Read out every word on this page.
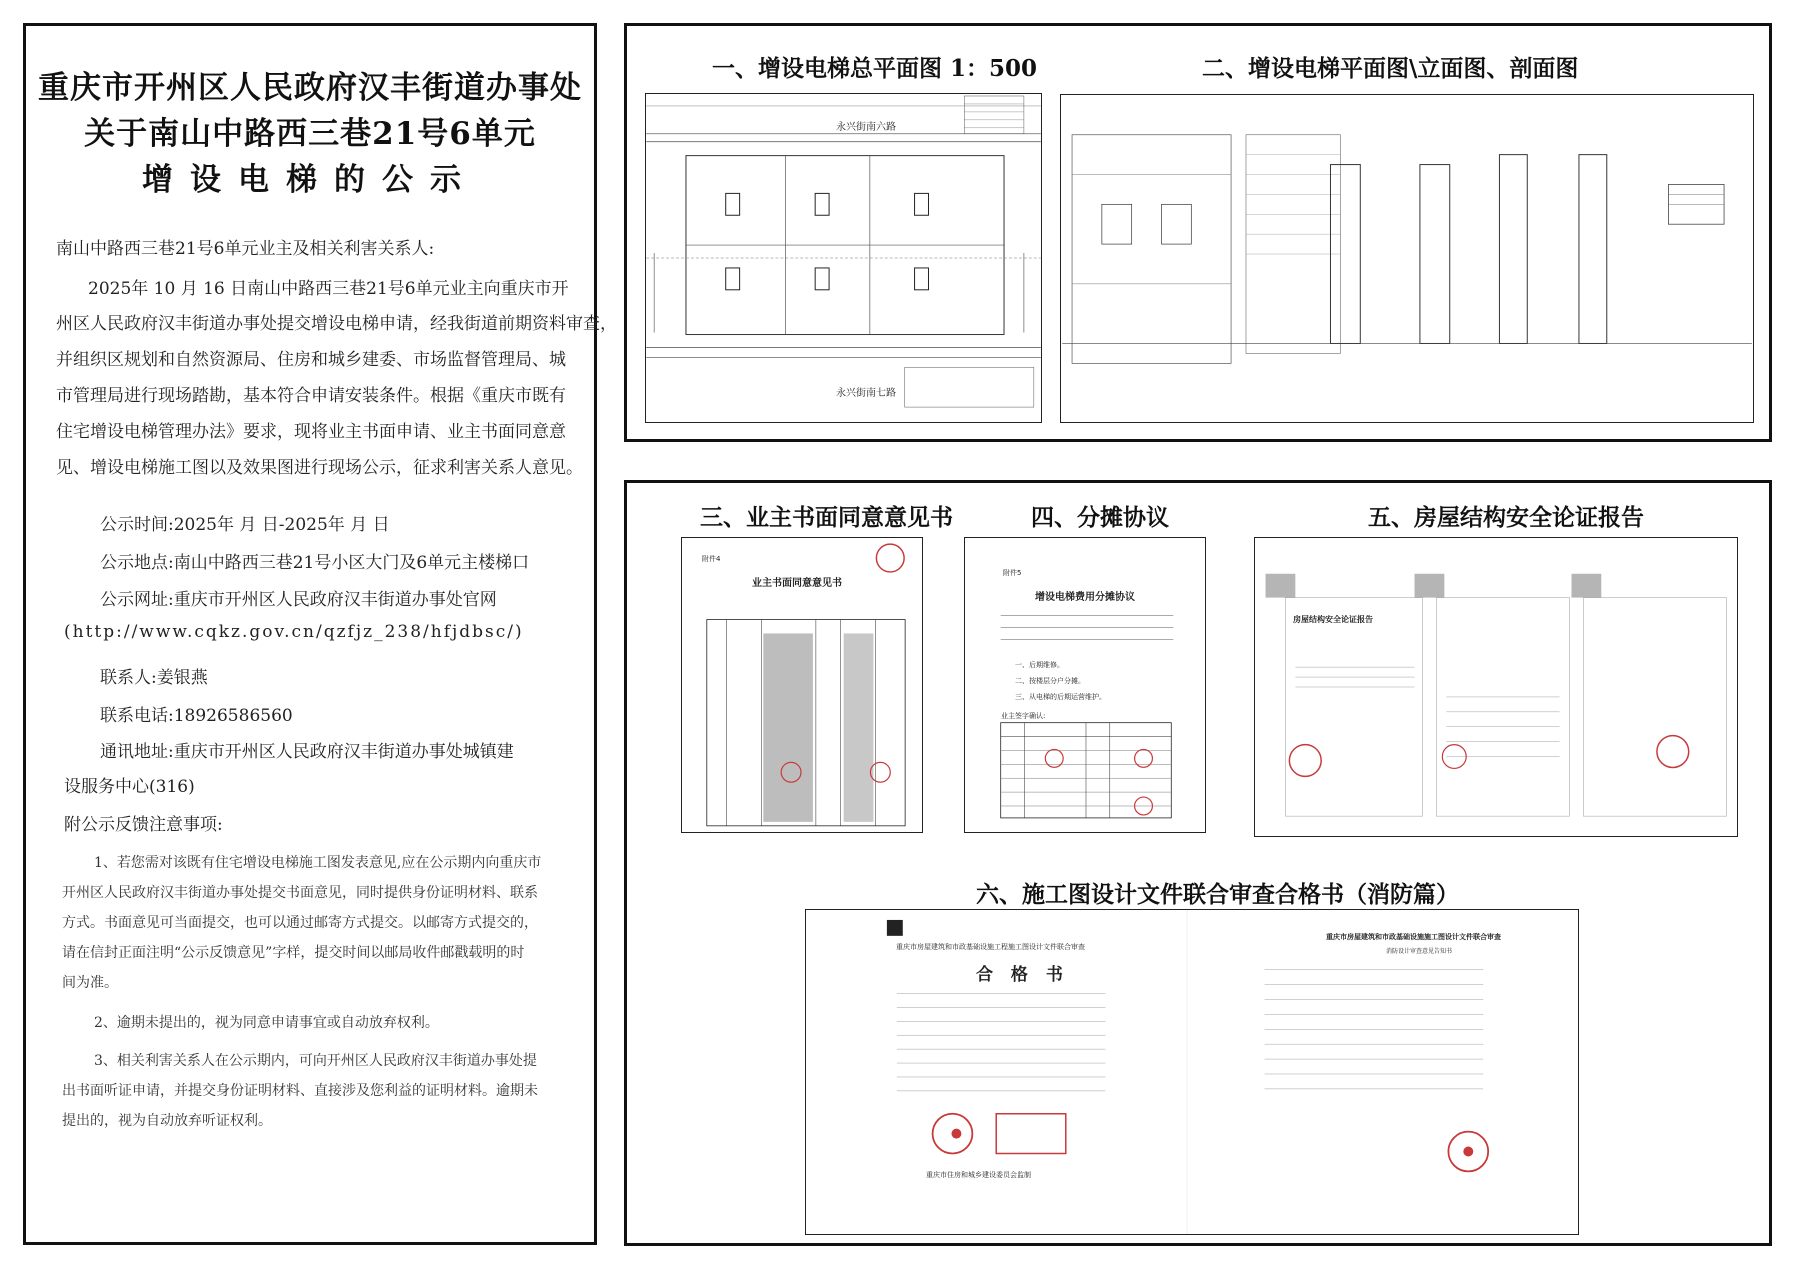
重庆市开州区人民政府汉丰街道办事处
关于南山中路西三巷21号6单元
增设电梯的公示
南山中路西三巷21号6单元业主及相关利害关系人:
2025年 10 月 16 日南山中路西三巷21号6单元业主向重庆市开
州区人民政府汉丰街道办事处提交增设电梯申请，经我街道前期资料审查，
并组织区规划和自然资源局、住房和城乡建委、市场监督管理局、城
市管理局进行现场踏勘，基本符合申请安装条件。根据《重庆市既有
住宅增设电梯管理办法》要求，现将业主书面申请、业主书面同意意
见、增设电梯施工图以及效果图进行现场公示，征求利害关系人意见。
公示时间:2025年 月 日-2025年 月 日
公示地点:南山中路西三巷21号小区大门及6单元主楼梯口
公示网址:重庆市开州区人民政府汉丰街道办事处官网
(http://www.cqkz.gov.cn/qzfjz_238/hfjdbsc/)
联系人:姜银燕
联系电话:18926586560
通讯地址:重庆市开州区人民政府汉丰街道办事处城镇建
设服务中心(316)
附公示反馈注意事项:
1、若您需对该既有住宅增设电梯施工图发表意见,应在公示期内向重庆市
开州区人民政府汉丰街道办事处提交书面意见，同时提供身份证明材料、联系
方式。书面意见可当面提交，也可以通过邮寄方式提交。以邮寄方式提交的，
请在信封正面注明“公示反馈意见”字样，提交时间以邮局收件邮戳载明的时
间为准。
2、逾期未提出的，视为同意申请事宜或自动放弃权利。
3、相关利害关系人在公示期内，可向开州区人民政府汉丰街道办事处提
出书面听证申请，并提交身份证明材料、直接涉及您利益的证明材料。逾期未
提出的，视为自动放弃听证权利。
一、增设电梯总平面图 1：500	二、增设电梯平面图\立面图、剖面图
永兴街南六路
永兴街南七路
三、业主书面同意意见书	四、分摊协议	五、房屋结构安全论证报告
附件4
业主书面同意意见书
附件5
增设电梯费用分摊协议
一、后期维修。
二、按楼层分户分摊。
三、从电梯的后期运营维护。
业主签字确认:
房屋结构安全论证报告
六、施工图设计文件联合审查合格书（消防篇）
重庆市房屋建筑和市政基础设施工程施工图设计文件联合审查
合 格 书
重庆市住房和城乡建设委员会监制
重庆市房屋建筑和市政基础设施施工图设计文件联合审查
消防设计审查意见告知书
